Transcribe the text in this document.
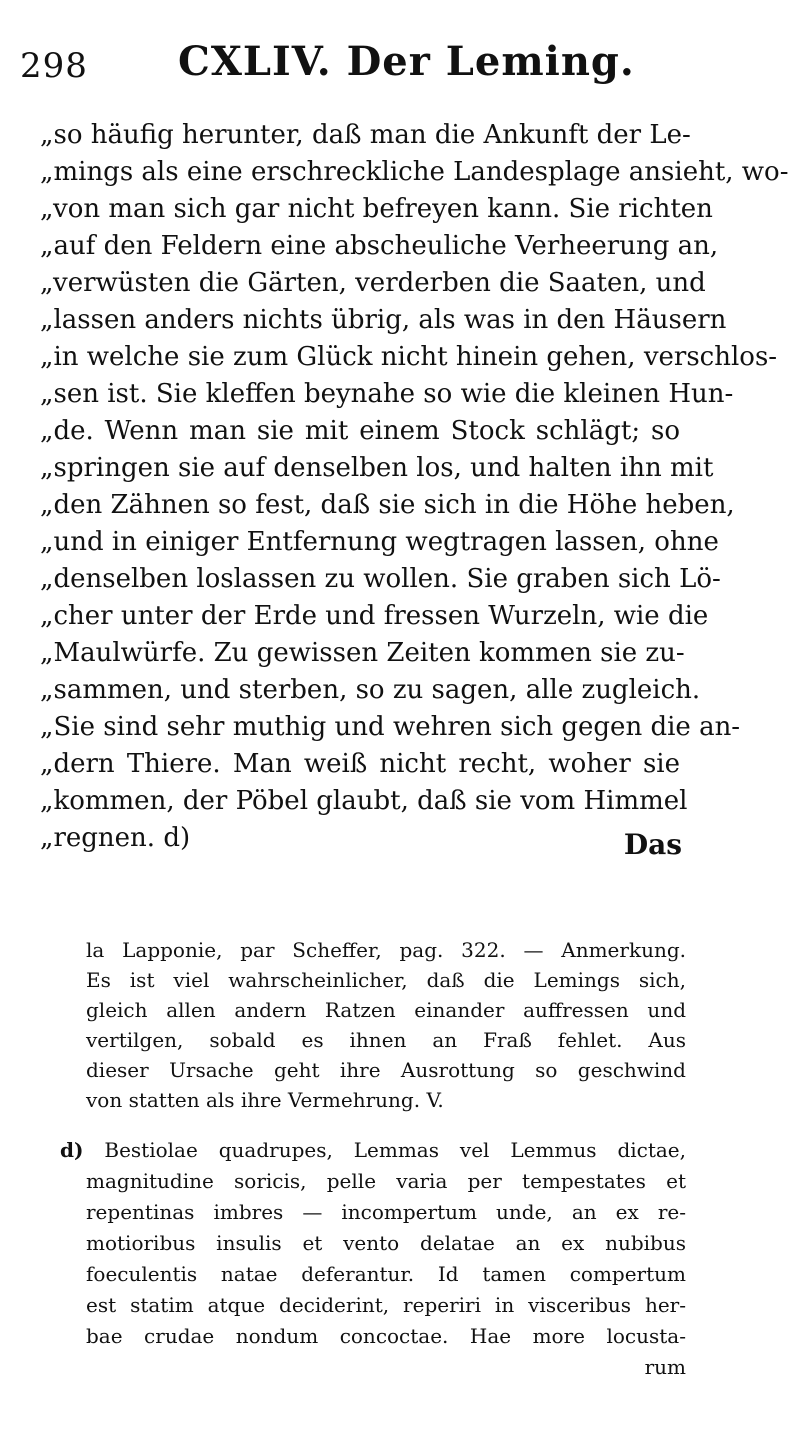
298 CXLIV. Der Leming.
„so häufig herunter, daß man die Ankunft der Le-
„mings als eine erschreckliche Landesplage ansieht, wo-
„von man sich gar nicht befreyen kann. Sie richten
„auf den Feldern eine abscheuliche Verheerung an,
„verwüsten die Gärten, verderben die Saaten, und
„lassen anders nichts übrig, als was in den Häusern
„in welche sie zum Glück nicht hinein gehen, verschlos-
„sen ist. Sie kleffen beynahe so wie die kleinen Hun-
„de. Wenn man sie mit einem Stock schlägt; so
„springen sie auf denselben los, und halten ihn mit
„den Zähnen so fest, daß sie sich in die Höhe heben,
„und in einiger Entfernung wegtragen lassen, ohne
„denselben loslassen zu wollen. Sie graben sich Lö-
„cher unter der Erde und fressen Wurzeln, wie die
„Maulwürfe. Zu gewissen Zeiten kommen sie zu-
„sammen, und sterben, so zu sagen, alle zugleich.
„Sie sind sehr muthig und wehren sich gegen die an-
„dern Thiere. Man weiß nicht recht, woher sie
„kommen, der Pöbel glaubt, daß sie vom Himmel
„regnen. d)	Das
la Lapponie, par Scheffer, pag. 322. — Anmerkung.
Es ist viel wahrscheinlicher, daß die Lemings sich,
gleich allen andern Ratzen einander auffressen und
vertilgen, sobald es ihnen an Fraß fehlet. Aus
dieser Ursache geht ihre Ausrottung so geschwind
von statten als ihre Vermehrung. V.
d) Bestiolae quadrupes, Lemmas vel Lemmus dictae,
magnitudine soricis, pelle varia per tempestates et
repentinas imbres — incompertum unde, an ex re-
motioribus insulis et vento delatae an ex nubibus
foeculentis natae deferantur. Id tamen compertum
est statim atque deciderint, reperiri in visceribus her-
bae crudae nondum concoctae. Hae more locusta-
rum
